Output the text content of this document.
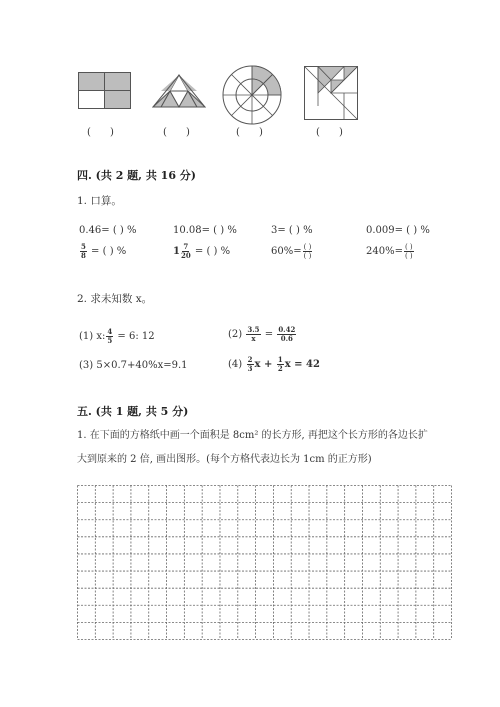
(      )	(      )	(      )	(      )
四. (共 2 题, 共 16 分)
1. 口算。
0.46= ( ) %	10.08= ( ) %	3= ( ) %	0.009= ( ) %
$\frac{5}{8}$ = ( ) %	$1 \frac{7}{20}$ = ( ) %	$60\%= \frac{( )}{( )}$	$240\%= \frac{( )}{( )}$
2. 求未知数 x。
(1) x: $\frac{4}{5} = 6$: 12	$(2) \frac{3.5}{x} = \frac{0.42}{0.6}$
(3) 5×0.7+40%x=9.1	$(4) \frac{2}{3}$ $x + \frac{1}{2}$ x = 42
五. (共 1 题, 共 5 分)
1. 在下面的方格纸中画一个面积是 8cm² 的长方形, 再把这个长方形的各边长扩
大到原来的 2 倍, 画出图形。(每个方格代表边长为 1cm 的正方形)
